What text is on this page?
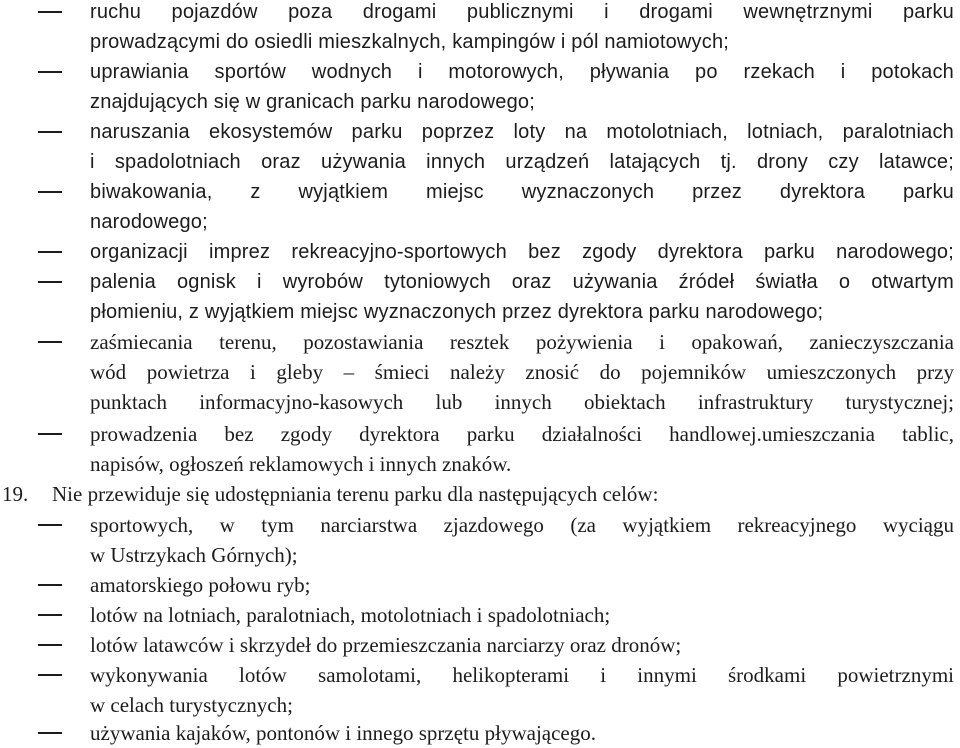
ruchu pojazdów poza drogami publicznymi i drogami wewnętrznymi parku
prowadzącymi do osiedli mieszkalnych, kampingów i pól namiotowych;
uprawiania sportów wodnych i motorowych, pływania po rzekach i potokach
znajdujących się w granicach parku narodowego;
naruszania ekosystemów parku poprzez loty na motolotniach, lotniach, paralotniach
i spadolotniach oraz używania innych urządzeń latających tj. drony czy latawce;
biwakowania, z wyjątkiem miejsc wyznaczonych przez dyrektora parku
narodowego;
organizacji imprez rekreacyjno-sportowych bez zgody dyrektora parku narodowego;
palenia ognisk i wyrobów tytoniowych oraz używania źródeł światła o otwartym
płomieniu, z wyjątkiem miejsc wyznaczonych przez dyrektora parku narodowego;
zaśmiecania terenu, pozostawiania resztek pożywienia i opakowań, zanieczyszczania
wód powietrza i gleby – śmieci należy znosić do pojemników umieszczonych przy
punktach informacyjno-kasowych lub innych obiektach infrastruktury turystycznej;
prowadzenia bez zgody dyrektora parku działalności handlowej.umieszczania tablic,
napisów, ogłoszeń reklamowych i innych znaków.
19. Nie przewiduje się udostępniania terenu parku dla następujących celów:
sportowych, w tym narciarstwa zjazdowego (za wyjątkiem rekreacyjnego wyciągu
w Ustrzykach Górnych);
amatorskiego połowu ryb;
lotów na lotniach, paralotniach, motolotniach i spadolotniach;
lotów latawców i skrzydeł do przemieszczania narciarzy oraz dronów;
wykonywania lotów samolotami, helikopterami i innymi środkami powietrznymi
w celach turystycznych;
używania kajaków, pontonów i innego sprzętu pływającego.
